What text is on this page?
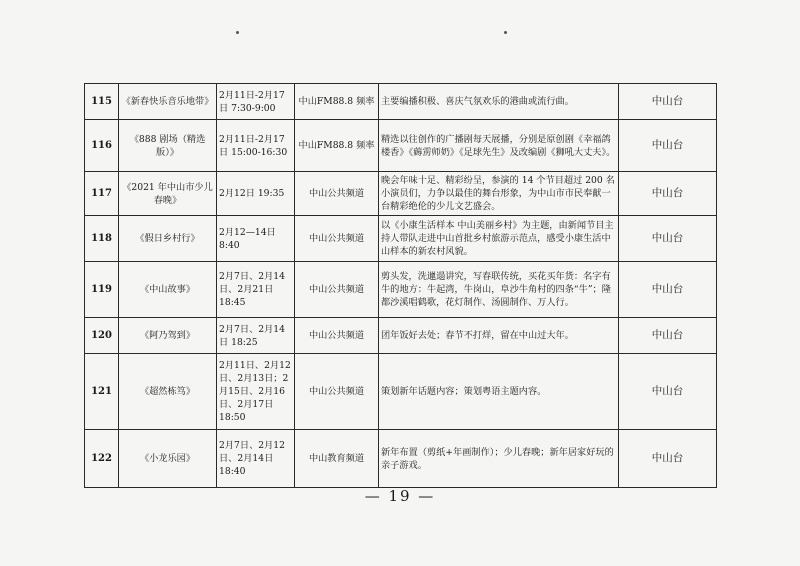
115	《新春快乐音乐地带》	2月11日-2月17日 7:30-9:00	中山FM88.8 频率	主要编播积极、喜庆气氛欢乐的港曲或流行曲。	中山台
116	《888 剧场（精选版）》	2月11日-2月17日 15:00-16:30	中山FM88.8 频率	精选以往创作的广播剧每天展播，分别是原创剧《幸福鸽楼香》《薅雳师奶》《足球先生》及改编剧《狮吼大丈夫》。	中山台
117	《2021 年中山市少儿春晚》	2月12日 19:35	中山公共频道	晚会年味十足、精彩纷呈，参演的 14 个节目超过 200 名小演员们，力争以最佳的舞台形象，为中山市市民奉献一台精彩绝伦的少儿文艺盛会。	中山台
118	《假日乡村行》	2月12—14日 8:40	中山公共频道	以《小康生活样本 中山美丽乡村》为主题，由新闻节目主持人带队走进中山首批乡村旅游示范点，感受小康生活中山样本的新农村风貌。	中山台
119	《中山故事》	2月7日、2月14日、2月21日 18:45	中山公共频道	剪头发，洗邋遢讲究，写春联传统，买花买年货：名字有牛的地方：牛起湾，牛岗山，阜沙牛角村的四条“牛”；隆都沙溪唱鹤歌，花灯制作、汤圆制作、万人行。	中山台
120	《阿乃驾到》	2月7日、2月14日 18:25	中山公共频道	团年饭好去处；春节不打烊，留在中山过大年。	中山台
121	《超然栋笃》	2月11日、2月12日、2月13日；2月15日、2月16日、2月17日 18:50	中山公共频道	策划新年话题内容；策划粤语主题内容。	中山台
122	《小龙乐园》	2月7日、2月12日、2月14日 18:40	中山教育频道	新年布置（剪纸+年画制作）；少儿春晚；新年居家好玩的亲子游戏。	中山台
— 19 —
